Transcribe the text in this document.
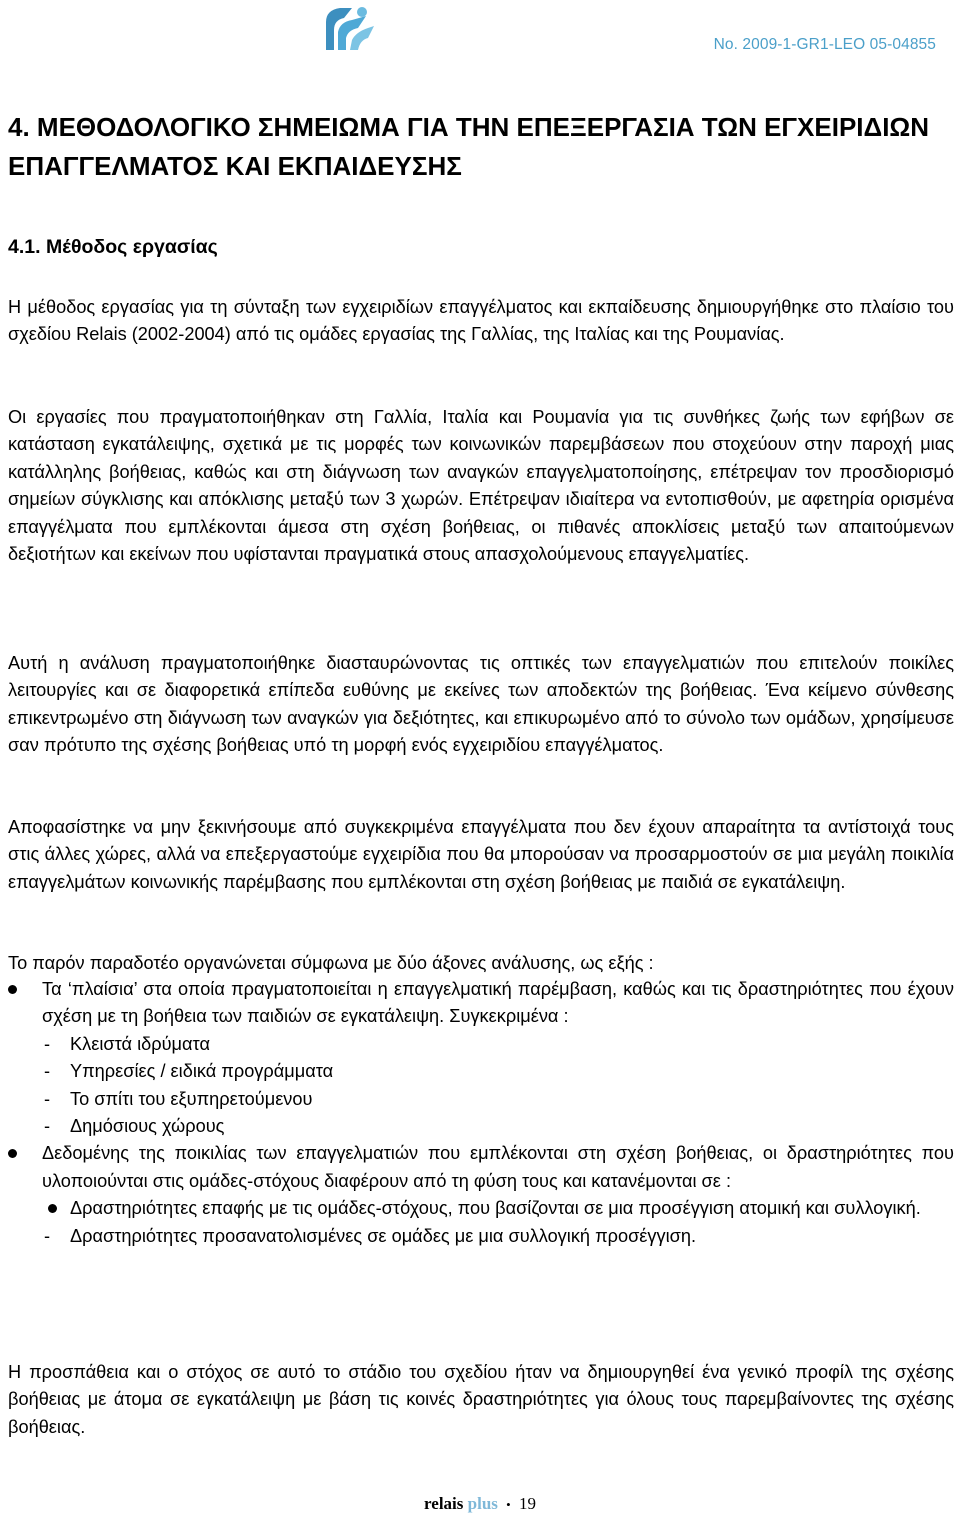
No. 2009-1-GR1-LEO 05-04855
4. ΜΕΘΟΔΟΛΟΓΙΚΟ ΣΗΜΕΙΩΜΑ ΓΙΑ ΤΗΝ ΕΠΕΞΕΡΓΑΣΙΑ ΤΩΝ ΕΓΧΕΙΡΙΔΙΩΝ ΕΠΑΓΓΕΛΜΑΤΟΣ ΚΑΙ ΕΚΠΑΙΔΕΥΣΗΣ
4.1. Μέθοδος εργασίας

Η μέθοδος εργασίας για τη σύνταξη των εγχειριδίων επαγγέλματος και εκπαίδευσης δημιουργήθηκε στο πλαίσιο του σχεδίου Relais (2002-2004) από τις ομάδες εργασίας της Γαλλίας, της Ιταλίας και της Ρουμανίας.

Οι εργασίες που πραγματοποιήθηκαν στη Γαλλία, Ιταλία και Ρουμανία για τις συνθήκες ζωής των εφήβων σε κατάσταση εγκατάλειψης, σχετικά με τις μορφές των κοινωνικών παρεμβάσεων που στοχεύουν στην παροχή μιας κατάλληλης βοήθειας, καθώς και στη διάγνωση των αναγκών επαγγελματοποίησης, επέτρεψαν τον προσδιορισμό σημείων σύγκλισης και απόκλισης μεταξύ των 3 χωρών. Επέτρεψαν ιδιαίτερα να εντοπισθούν, με αφετηρία ορισμένα επαγγέλματα που εμπλέκονται άμεσα στη σχέση βοήθειας, οι πιθανές αποκλίσεις μεταξύ των απαιτούμενων δεξιοτήτων και εκείνων που υφίστανται πραγματικά στους απασχολούμενους επαγγελματίες.

Αυτή η ανάλυση πραγματοποιήθηκε διασταυρώνοντας τις οπτικές των επαγγελματιών που επιτελούν ποικίλες λειτουργίες και σε διαφορετικά επίπεδα ευθύνης με εκείνες των αποδεκτών της βοήθειας. Ένα κείμενο σύνθεσης επικεντρωμένο στη διάγνωση των αναγκών για δεξιότητες, και επικυρωμένο από το σύνολο των ομάδων, χρησίμευσε σαν πρότυπο της σχέσης βοήθειας υπό τη μορφή ενός εγχειριδίου επαγγέλματος.

Αποφασίστηκε να μην ξεκινήσουμε από συγκεκριμένα επαγγέλματα που δεν έχουν απαραίτητα τα αντίστοιχά τους στις άλλες χώρες, αλλά να επεξεργαστούμε εγχειρίδια που θα μπορούσαν να προσαρμοστούν σε μια μεγάλη ποικιλία επαγγελμάτων κοινωνικής παρέμβασης που εμπλέκονται στη σχέση βοήθειας με παιδιά σε εγκατάλειψη.

Το παρόν παραδοτέο οργανώνεται σύμφωνα με δύο άξονες ανάλυσης, ως εξής :

Τα ‘πλαίσια’ στα οποία πραγματοποιείται η επαγγελματική παρέμβαση, καθώς και τις δραστηριότητες που έχουν σχέση με τη βοήθεια των παιδιών σε εγκατάλειψη. Συγκεκριμένα :
- Κλειστά ιδρύματα
- Υπηρεσίες / ειδικά προγράμματα
- Το σπίτι του εξυπηρετούμενου
- Δημόσιους χώρους
Δεδομένης της ποικιλίας των επαγγελματιών που εμπλέκονται στη σχέση βοήθειας, οι δραστηριότητες που υλοποιούνται στις ομάδες-στόχους διαφέρουν από τη φύση τους και κατανέμονται σε :
Δραστηριότητες επαφής με τις ομάδες-στόχους, που βασίζονται σε μια προσέγγιση ατομική και συλλογική.
- Δραστηριότητες προσανατολισμένες σε ομάδες με μια συλλογική προσέγγιση.

Η προσπάθεια και ο στόχος σε αυτό το στάδιο του σχεδίου ήταν να δημιουργηθεί ένα γενικό προφίλ της σχέσης βοήθειας με άτομα σε εγκατάλειψη με βάση τις κοινές δραστηριότητες για όλους τους παρεμβαίνοντες της σχέσης βοήθειας.

relais plus • 19
